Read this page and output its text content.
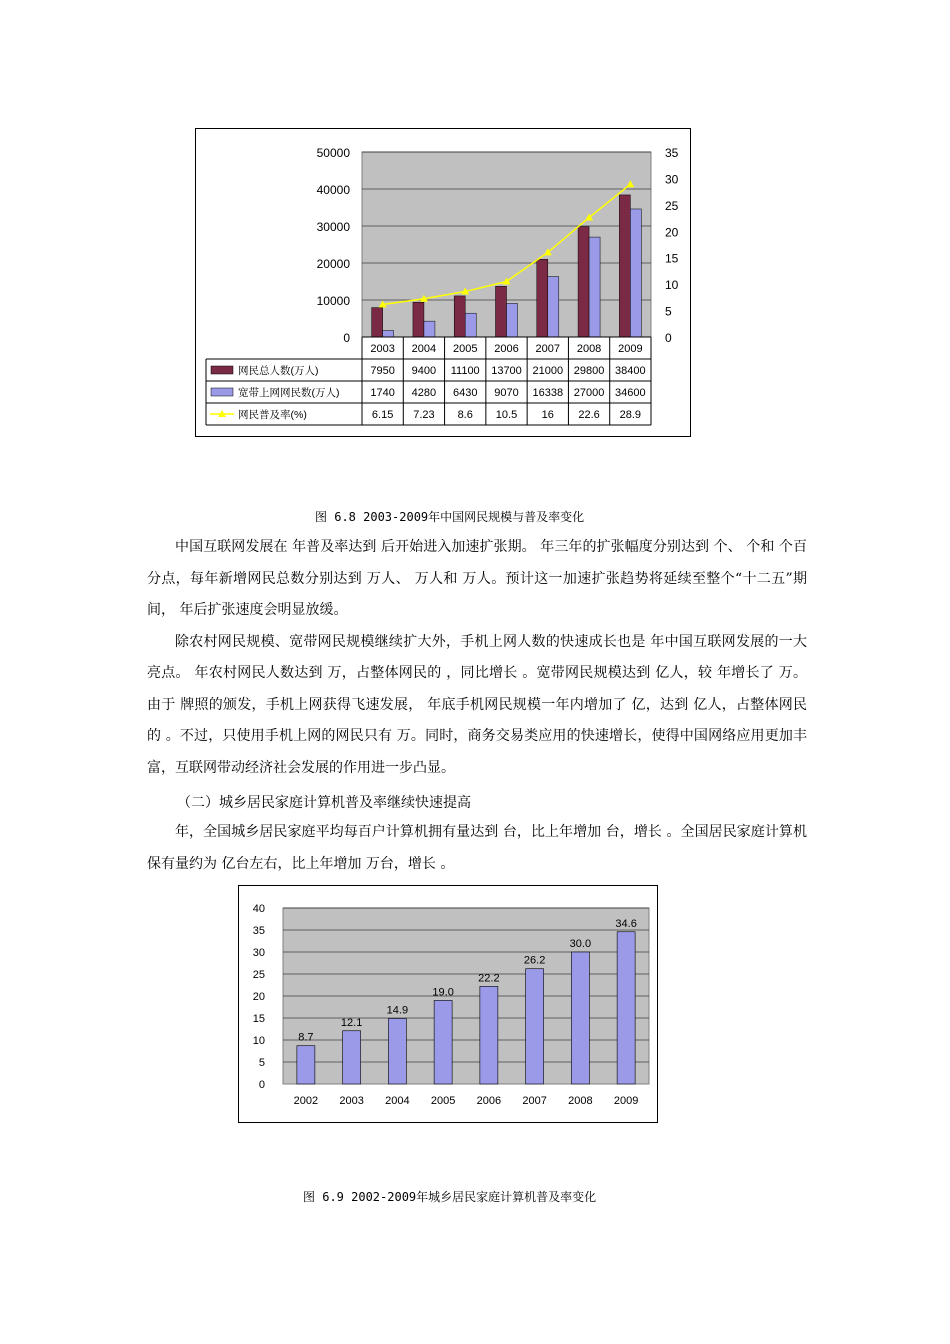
0
10000
20000
30000
40000
50000
0
5
10
15
20
25
30
35
2003 2004 2005 2006 2007 2008 2009
7950 9400 11100 13700 21000 29800 38400
1740 4280 6430 9070 16338 27000 34600
6.15 7.23 8.6 10.5 16 22.6 28.9
网民总人数(万人)
宽带上网网民数(万人)
网民普及率(%)
图 6.8 2003-2009年中国网民规模与普及率变化

中国互联网发展在 年普及率达到 后开始进入加速扩张期。 年三年的扩张幅度分别达到 个、 个和 个百分点，每年新增网民总数分别达到 万人、 万人和 万人。预计这一加速扩张趋势将延续至整个“十二五”期间， 年后扩张速度会明显放缓。

除农村网民规模、宽带网民规模继续扩大外，手机上网人数的快速成长也是 年中国互联网发展的一大亮点。 年农村网民人数达到 万，占整体网民的 ，同比增长 。宽带网民规模达到 亿人，较 年增长了 万。由于 牌照的颁发，手机上网获得飞速发展， 年底手机网民规模一年内增加了 亿，达到 亿人，占整体网民的 。不过，只使用手机上网的网民只有 万。同时，商务交易类应用的快速增长，使得中国网络应用更加丰富，互联网带动经济社会发展的作用进一步凸显。

（二）城乡居民家庭计算机普及率继续快速提高

年，全国城乡居民家庭平均每百户计算机拥有量达到 台，比上年增加 台，增长 。全国居民家庭计算机保有量约为 亿台左右，比上年增加 万台，增长 。

0
5
10
15
20
25
30
35
40
8.7
2002
12.1
2003
14.9
2004
19.0
2005
22.2
2006
26.2
2007
30.0
2008
34.6
2009
图 6.9 2002-2009年城乡居民家庭计算机普及率变化
